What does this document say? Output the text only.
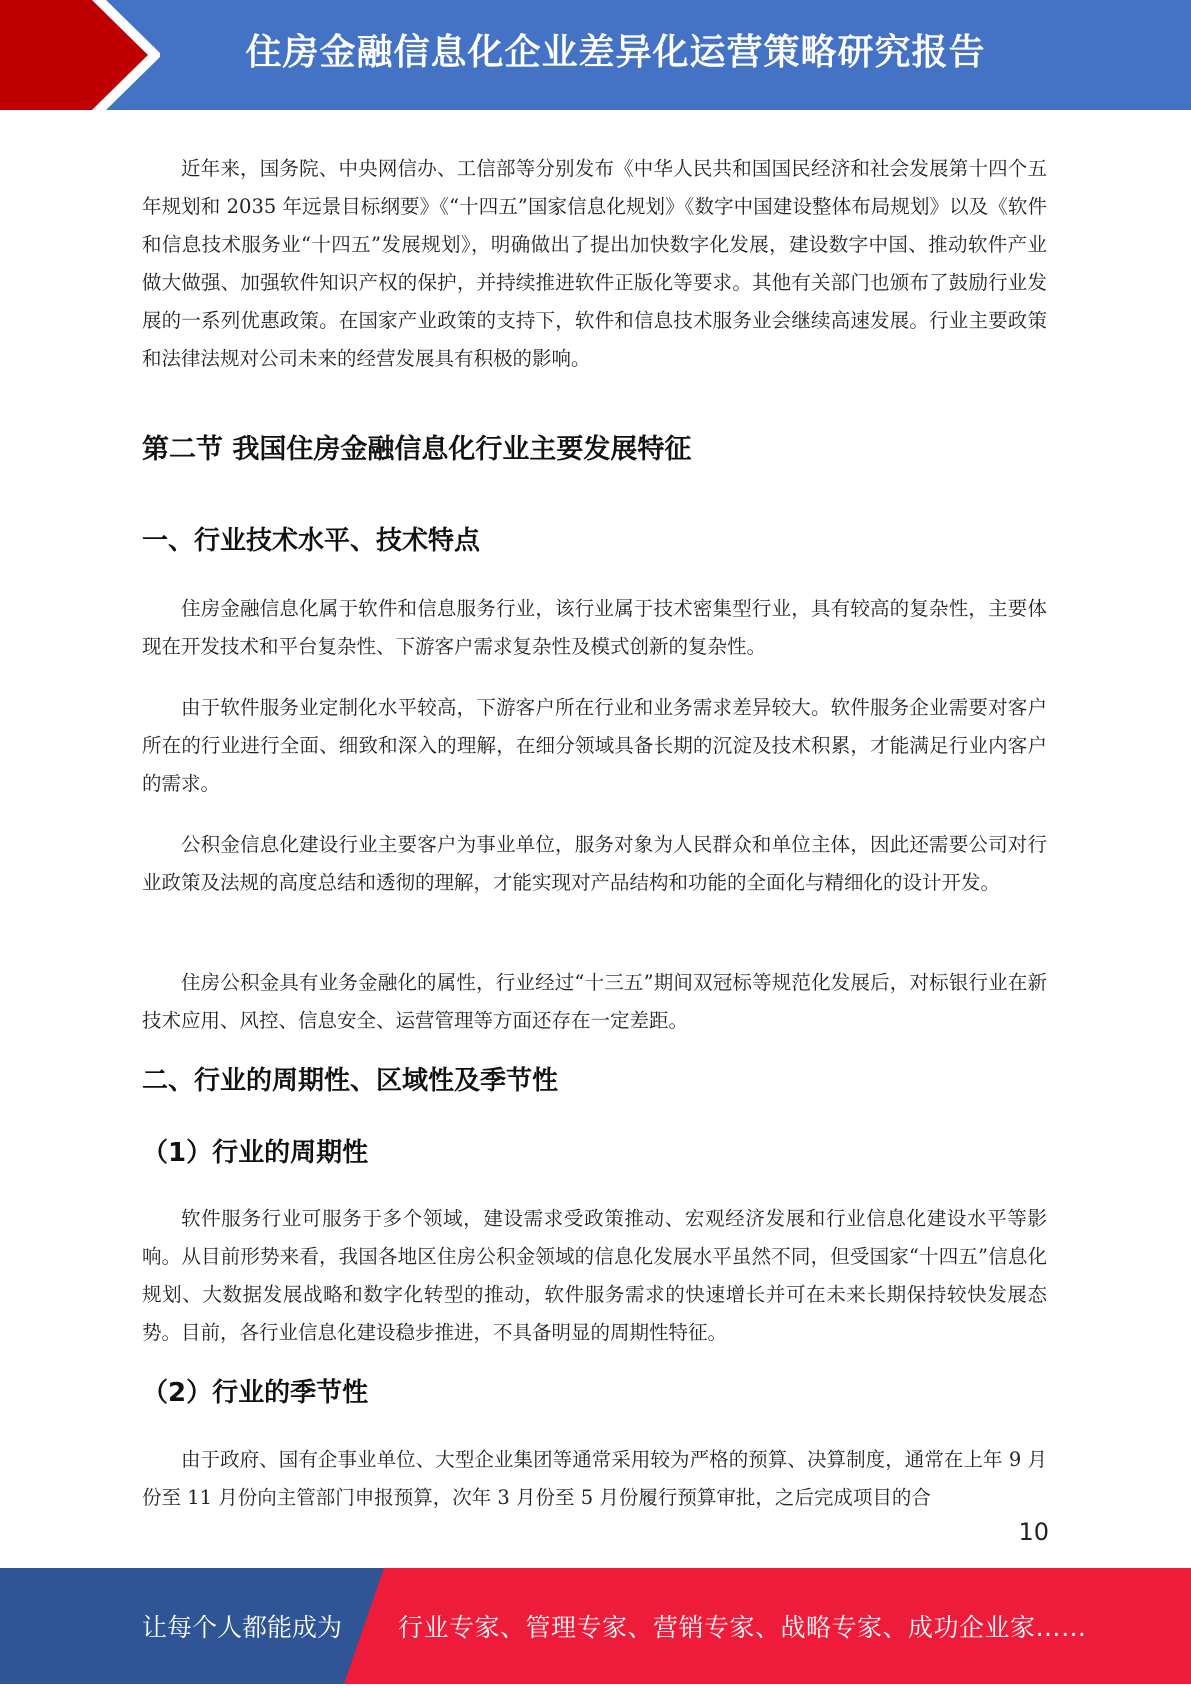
住房金融信息化企业差异化运营策略研究报告

近年来，国务院、中央网信办、工信部等分别发布《中华人民共和国国民经济和社会发展第十四个五年规划和 2035 年远景目标纲要》《“十四五”国家信息化规划》《数字中国建设整体布局规划》以及《软件和信息技术服务业“十四五”发展规划》，明确做出了提出加快数字化发展，建设数字中国、推动软件产业做大做强、加强软件知识产权的保护，并持续推进软件正版化等要求。其他有关部门也颁布了鼓励行业发展的一系列优惠政策。在国家产业政策的支持下，软件和信息技术服务业会继续高速发展。行业主要政策和法律法规对公司未来的经营发展具有积极的影响。

第二节 我国住房金融信息化行业主要发展特征
一、行业技术水平、技术特点

住房金融信息化属于软件和信息服务行业，该行业属于技术密集型行业，具有较高的复杂性，主要体现在开发技术和平台复杂性、下游客户需求复杂性及模式创新的复杂性。

由于软件服务业定制化水平较高，下游客户所在行业和业务需求差异较大。软件服务企业需要对客户所在的行业进行全面、细致和深入的理解，在细分领域具备长期的沉淀及技术积累，才能满足行业内客户的需求。

公积金信息化建设行业主要客户为事业单位，服务对象为人民群众和单位主体，因此还需要公司对行业政策及法规的高度总结和透彻的理解，才能实现对产品结构和功能的全面化与精细化的设计开发。

住房公积金具有业务金融化的属性，行业经过“十三五”期间双冠标等规范化发展后，对标银行业在新技术应用、风控、信息安全、运营管理等方面还存在一定差距。

二、行业的周期性、区域性及季节性
（1）行业的周期性

软件服务行业可服务于多个领域，建设需求受政策推动、宏观经济发展和行业信息化建设水平等影响。从目前形势来看，我国各地区住房公积金领域的信息化发展水平虽然不同，但受国家“十四五”信息化规划、大数据发展战略和数字化转型的推动，软件服务需求的快速增长并可在未来长期保持较快发展态势。目前，各行业信息化建设稳步推进，不具备明显的周期性特征。

（2）行业的季节性

由于政府、国有企事业单位、大型企业集团等通常采用较为严格的预算、决算制度，通常在上年 9 月份至 11 月份向主管部门申报预算，次年 3 月份至 5 月份履行预算审批，之后完成项目的合

10
让每个人都能成为 行业专家、管理专家、营销专家、战略专家、成功企业家……
